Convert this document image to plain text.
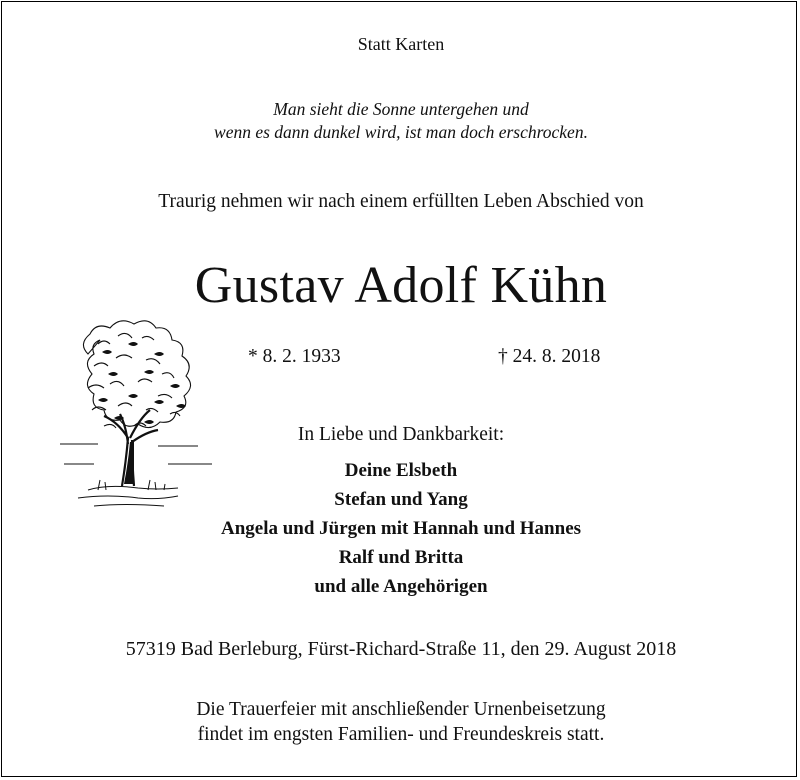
Statt Karten
Man sieht die Sonne untergehen und
wenn es dann dunkel wird, ist man doch erschrocken.
Traurig nehmen wir nach einem erfüllten Leben Abschied von
Gustav Adolf Kühn
* 8. 2. 1933	† 24. 8. 2018
In Liebe und Dankbarkeit:
Deine Elsbeth
Stefan und Yang
Angela und Jürgen mit Hannah und Hannes
Ralf und Britta
und alle Angehörigen
57319 Bad Berleburg, Fürst-Richard-Straße 11, den 29. August 2018
Die Trauerfeier mit anschließender Urnenbeisetzung
findet im engsten Familien- und Freundeskreis statt.
